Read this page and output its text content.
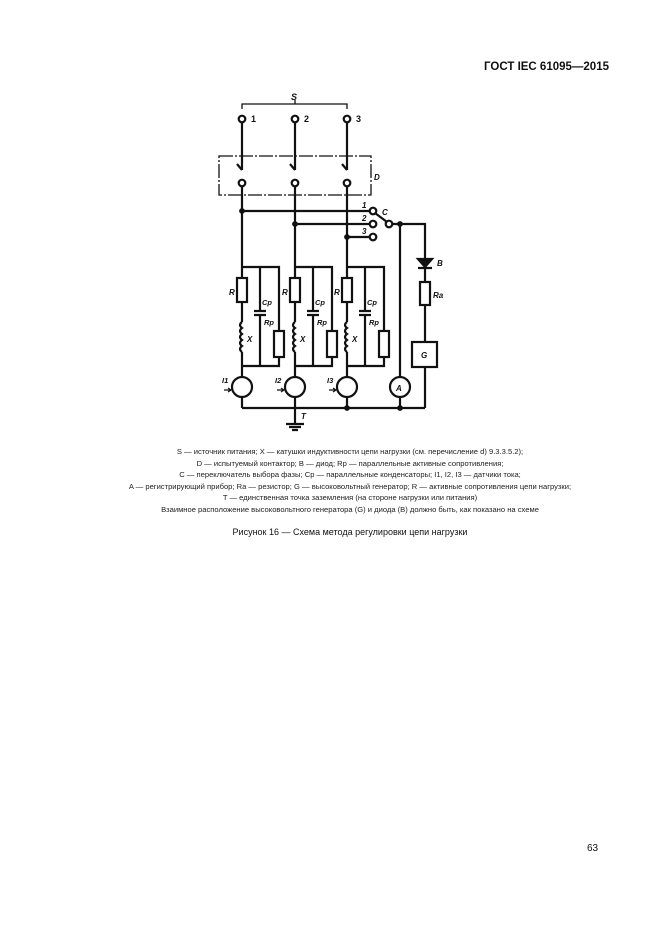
ГОСТ IEC 61095—2015
S
D
C
1
2
3
B
Ra
G
A
T
1
R
X
Cp
Rp
I1
2
R
X
Cp
Rp
I2
3
R
X
Cp
Rp
I3
S — источник питания; X — катушки индуктивности цепи нагрузки (см. перечисление d) 9.3.3.5.2);
D — испытуемый контактор; B — диод; Rp — параллельные активные сопротивления;
C — переключатель выбора фазы; Cp — параллельные конденсаторы; I1, I2, I3 — датчики тока;
A — регистрирующий прибор; Ra — резистор; G — высоковольтный генератор; R — активные сопротивления цепи нагрузки;
T — единственная точка заземления (на стороне нагрузки или питания)
Взаимное расположение высоковольтного генератора (G) и диода (B) должно быть, как показано на схеме
Рисунок 16 — Схема метода регулировки цепи нагрузки
63
